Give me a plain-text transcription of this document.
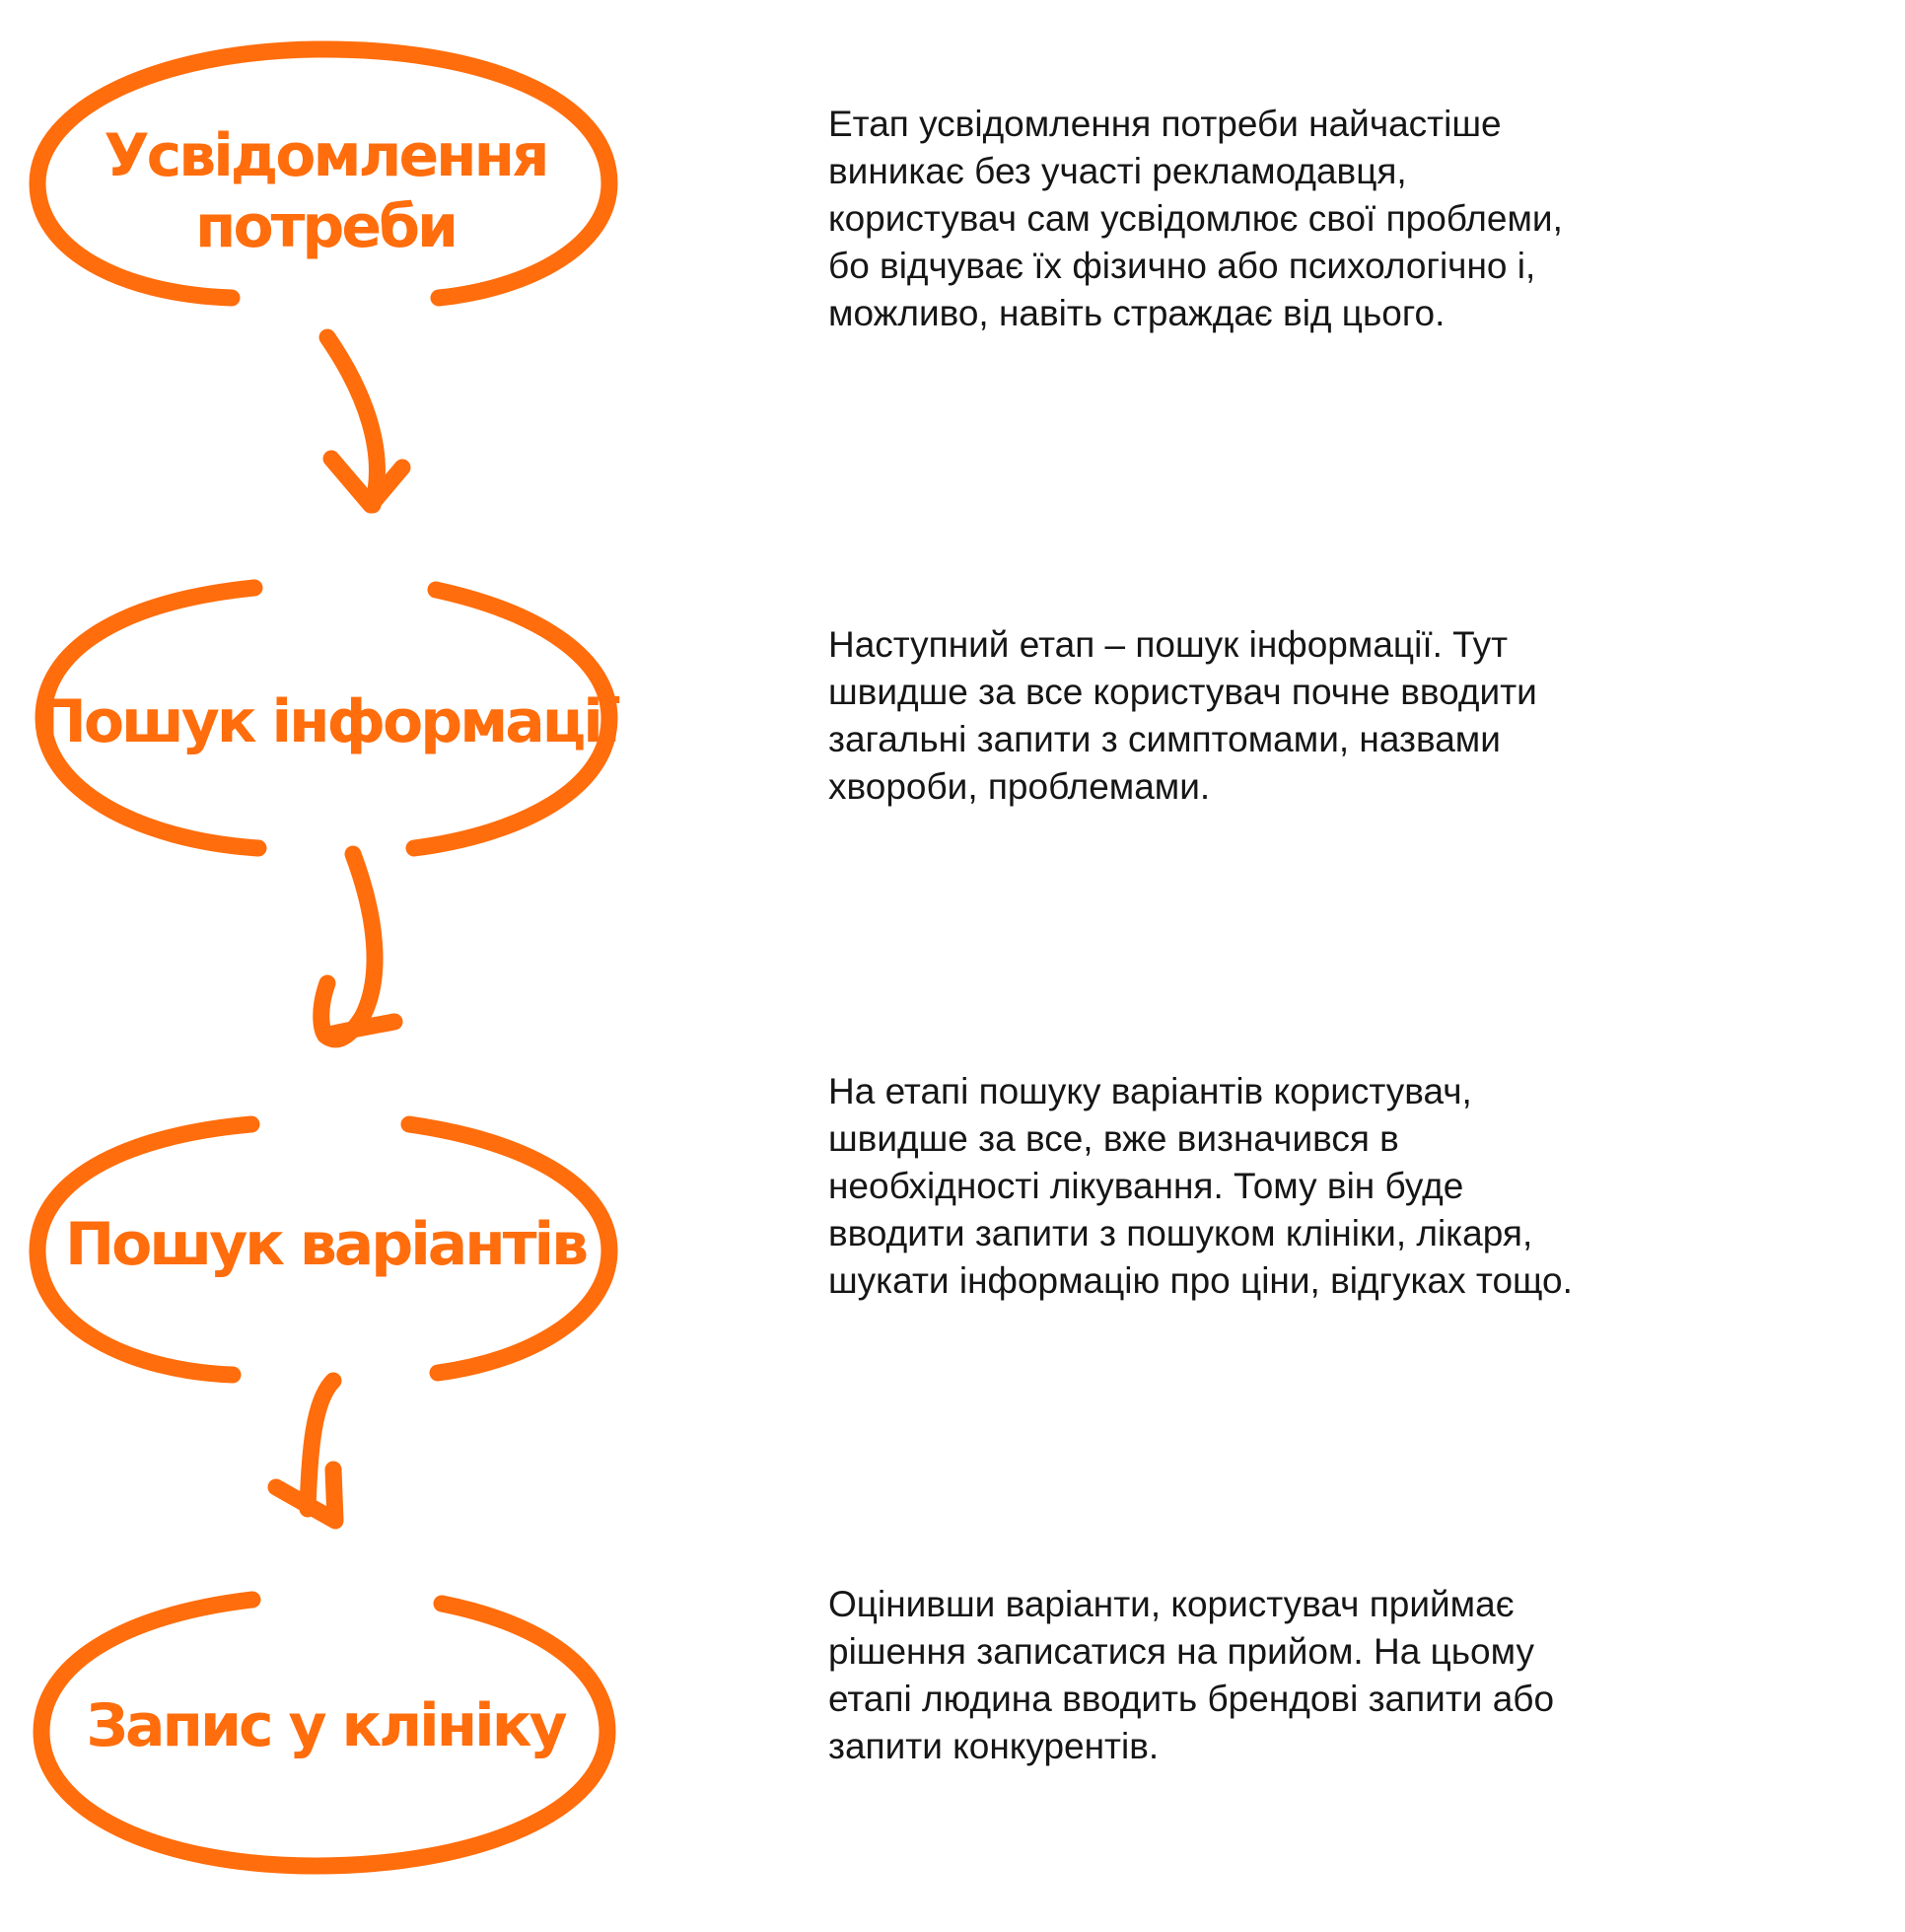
Усвідомлення
потреби
Пошук інформації
Пошук варіантів
Запис у клініку

Етап усвідомлення потреби найчастіше
виникає без участі рекламодавця,
користувач сам усвідомлює свої проблеми,
бо відчуває їх фізично або психологічно і,
можливо, навіть страждає від цього.

Наступний етап – пошук інформації. Тут
швидше за все користувач почне вводити
загальні запити з симптомами, назвами
хвороби, проблемами.

На етапі пошуку варіантів користувач,
швидше за все, вже визначився в
необхідності лікування. Тому він буде
вводити запити з пошуком клініки, лікаря,
шукати інформацію про ціни, відгуках тощо.

Оцінивши варіанти, користувач приймає
рішення записатися на прийом. На цьому
етапі людина вводить брендові запити або
запити конкурентів.
